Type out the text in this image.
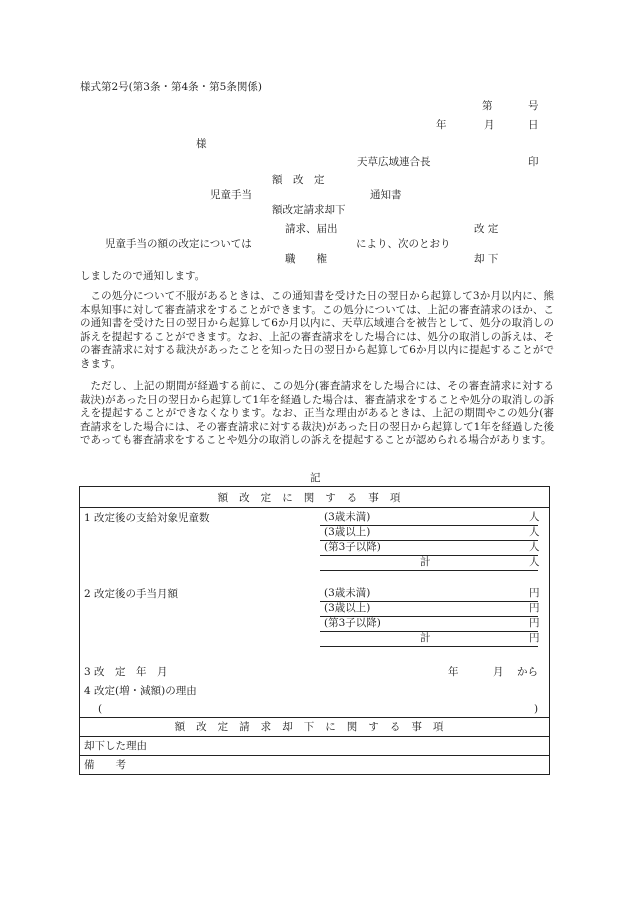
様式第2号(第3条・第4条・第5条関係)
第	号
年	月	日
様
天草広域連合長	印
額　改　定
児童手当	通知書
額改定請求却下
請求、届出	改 定
児童手当の額の改定については	により、次のとおり
職　　権	却 下
しましたので通知します。
この処分について不服があるときは、この通知書を受けた日の翌日から起算して3か月以内に、熊本県知事に対して審査請求をすることができます。この処分については、上記の審査請求のほか、この通知書を受けた日の翌日から起算して6か月以内に、天草広域連合を被告として、処分の取消しの訴えを提起することができます。なお、上記の審査請求をした場合には、処分の取消しの訴えは、その審査請求に対する裁決があったことを知った日の翌日から起算して6か月以内に提起することができます。
ただし、上記の期間が経過する前に、この処分(審査請求をした場合には、その審査請求に対する裁決)があった日の翌日から起算して1年を経過した場合は、審査請求をすることや処分の取消しの訴えを提起することができなくなります。なお、正当な理由があるときは、上記の期間やこの処分(審査請求をした場合には、その審査請求に対する裁決)があった日の翌日から起算して1年を経過した後であっても審査請求をすることや処分の取消しの訴えを提起することが認められる場合があります。
記
額改定に関する事項
1 改定後の支給対象児童数	(3歳未満)	人
(3歳以上)	人
(第3子以降)	人
計	人
2 改定後の手当月額	(3歳未満)	円
(3歳以上)	円
(第3子以降)	円
計	円
3 改　定　年　月	年	月 から
4 改定(増・減額)の理由
(	)
額改定請求却下に関する事項
却下した理由
備　　考
